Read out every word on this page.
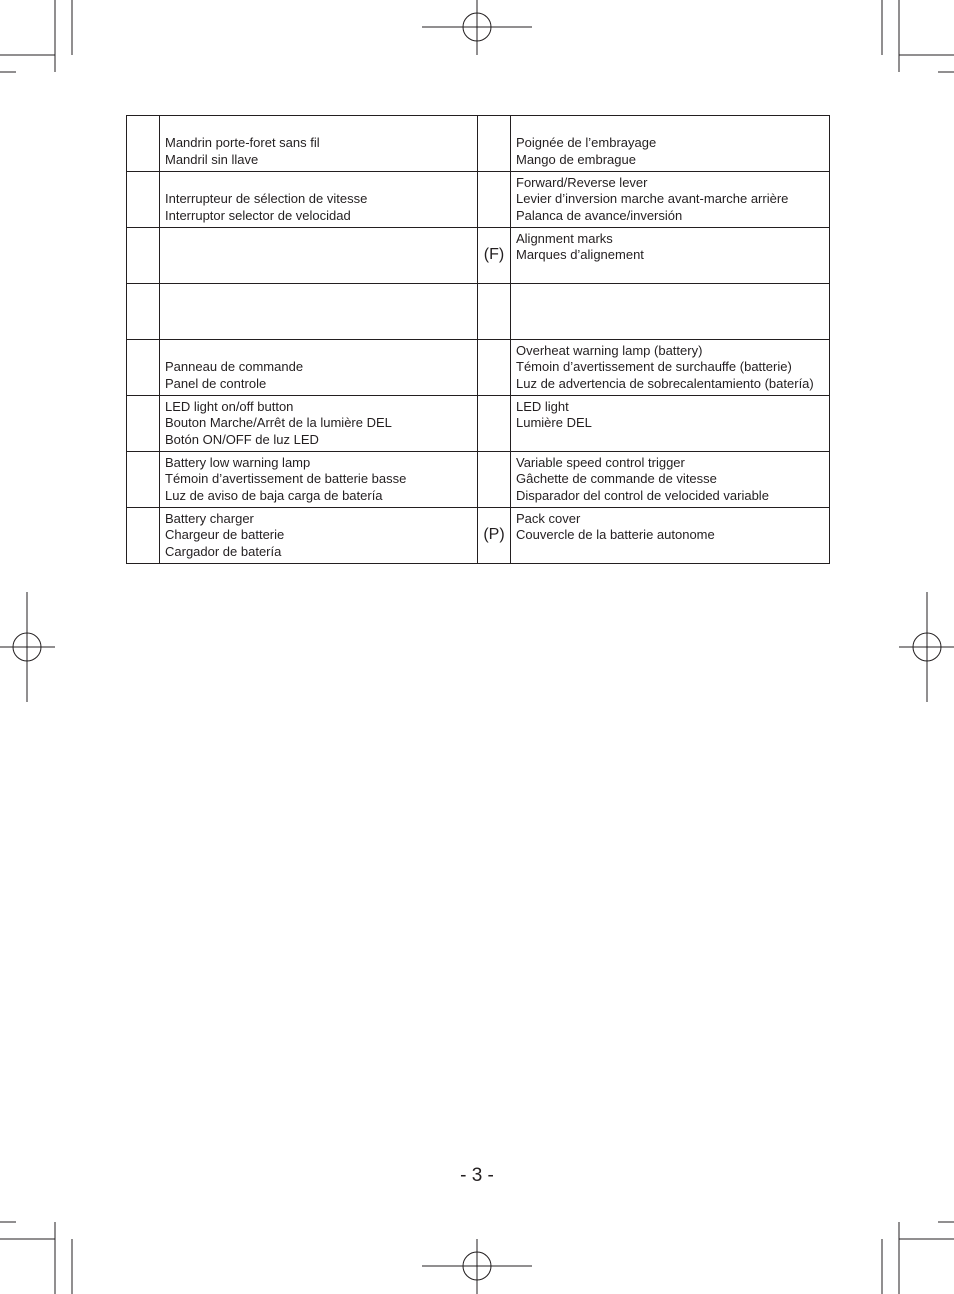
	Mandrin porte-foret sans fil
Mandril sin llave		Poignée de l’embrayage
Mango de embrague

	Interrupteur de sélection de vitesse
Interruptor selector de velocidad		Forward/Reverse lever
Levier d’inversion marche avant-marche arrière
Palanca de avance/inversión

	(F)	Alignment marks
Marques d’alignement

	Panneau de commande
Panel de controle		Overheat warning lamp (battery)
Témoin d’avertissement de surchauffe (batterie)
Luz de advertencia de sobrecalentamiento (batería)

	LED light on/off button
Bouton Marche/Arrêt de la lumière DEL
Botón ON/OFF de luz LED		LED light
Lumière DEL

	Battery low warning lamp
Témoin d’avertissement de batterie basse
Luz de aviso de baja carga de batería		Variable speed control trigger
Gâchette de commande de vitesse
Disparador del control de velocided variable

	Battery charger
Chargeur de batterie
Cargador de batería	(P)	Pack cover
Couvercle de la batterie autonome

- 3 -
